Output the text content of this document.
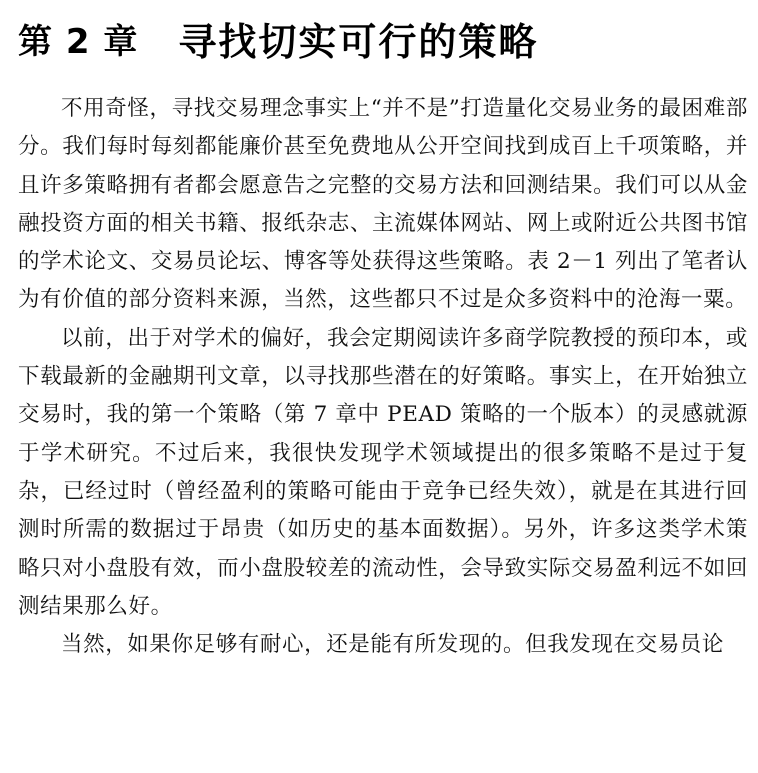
第 2 章 寻找切实可行的策略

不用奇怪，寻找交易理念事实上“并不是”打造量化交易业务的最困难部分。我们每时每刻都能廉价甚至免费地从公开空间找到成百上千项策略，并且许多策略拥有者都会愿意告之完整的交易方法和回测结果。我们可以从金融投资方面的相关书籍、报纸杂志、主流媒体网站、网上或附近公共图书馆的学术论文、交易员论坛、博客等处获得这些策略。表 2－1 列出了笔者认为有价值的部分资料来源，当然，这些都只不过是众多资料中的沧海一粟。

以前，出于对学术的偏好，我会定期阅读许多商学院教授的预印本，或下载最新的金融期刊文章，以寻找那些潜在的好策略。事实上，在开始独立交易时，我的第一个策略（第 7 章中 PEAD 策略的一个版本）的灵感就源于学术研究。不过后来，我很快发现学术领域提出的很多策略不是过于复杂，已经过时（曾经盈利的策略可能由于竞争已经失效），就是在其进行回测时所需的数据过于昂贵（如历史的基本面数据）。另外，许多这类学术策略只对小盘股有效，而小盘股较差的流动性，会导致实际交易盈利远不如回测结果那么好。

当然，如果你足够有耐心，还是能有所发现的。但我发现在交易员论
